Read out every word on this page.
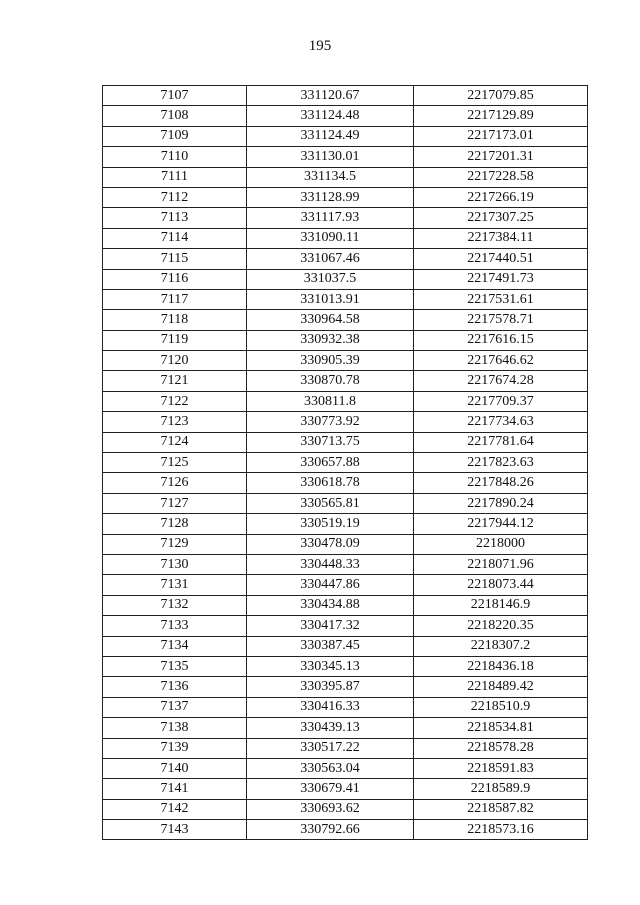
195
7107	331120.67	2217079.85
7108	331124.48	2217129.89
7109	331124.49	2217173.01
7110	331130.01	2217201.31
7111	331134.5	2217228.58
7112	331128.99	2217266.19
7113	331117.93	2217307.25
7114	331090.11	2217384.11
7115	331067.46	2217440.51
7116	331037.5	2217491.73
7117	331013.91	2217531.61
7118	330964.58	2217578.71
7119	330932.38	2217616.15
7120	330905.39	2217646.62
7121	330870.78	2217674.28
7122	330811.8	2217709.37
7123	330773.92	2217734.63
7124	330713.75	2217781.64
7125	330657.88	2217823.63
7126	330618.78	2217848.26
7127	330565.81	2217890.24
7128	330519.19	2217944.12
7129	330478.09	2218000
7130	330448.33	2218071.96
7131	330447.86	2218073.44
7132	330434.88	2218146.9
7133	330417.32	2218220.35
7134	330387.45	2218307.2
7135	330345.13	2218436.18
7136	330395.87	2218489.42
7137	330416.33	2218510.9
7138	330439.13	2218534.81
7139	330517.22	2218578.28
7140	330563.04	2218591.83
7141	330679.41	2218589.9
7142	330693.62	2218587.82
7143	330792.66	2218573.16
